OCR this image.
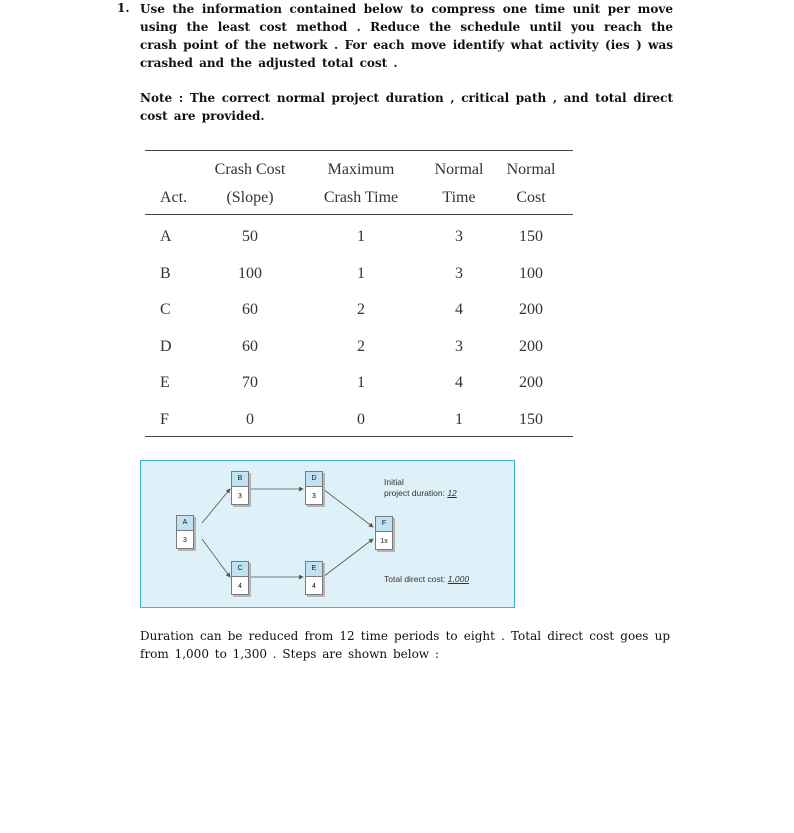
1. Use the information contained below to compress one time unit per move using the least cost method . Reduce the schedule until you reach the crash point of the network . For each move identify what activity (ies ) was crashed and the adjusted total cost .
Note : The correct normal project duration , critical path , and total direct cost are provided.
	Crash Cost	Maximum	Normal	Normal
Act.	(Slope)	Crash Time	Time	Cost
A	50	1	3	150
B	100	1	3	100
C	60	2	4	200
D	60	2	3	200
E	70	1	4	200
F	0	0	1	150
A
3
B
3
C
4
D
3
E
4
F
1x
Initial
project duration: 12
Total direct cost: 1,000
Duration can be reduced from 12 time periods to eight . Total direct cost goes up from 1,000 to 1,300 . Steps are shown below :
